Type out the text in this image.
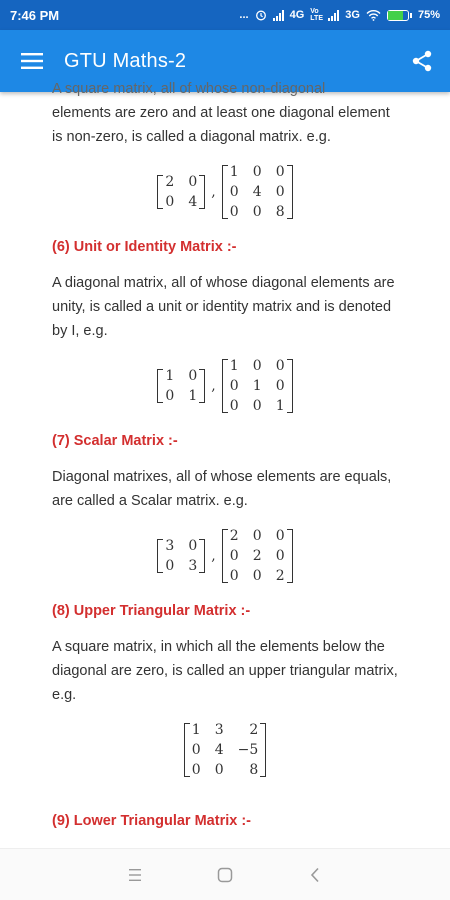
7:46 PM	...	4G Vo LTE 3G	75%
GTU Maths-2
A square matrix, all of whose non-diagonal

elements are zero and at least one diagonal element is non-zero, is called a diagonal matrix. e.g.

2 0
0 4
,
1 0 0
0 4 0
0 0 8
(6) Unit or Identity Matrix :-

A diagonal matrix, all of whose diagonal elements are unity, is called a unit or identity matrix and is denoted by I, e.g.

1 0
0 1
,
1 0 0
0 1 0
0 0 1
(7) Scalar Matrix :-

Diagonal matrixes, all of whose elements are equals, are called a Scalar matrix. e.g.

3 0
0 3
,
2 0 0
0 2 0
0 0 2
(8) Upper Triangular Matrix :-

A square matrix, in which all the elements below the diagonal are zero, is called an upper triangular matrix, e.g.

1 3	2
0 4 −5
0 0	8
(9) Lower Triangular Matrix :-
